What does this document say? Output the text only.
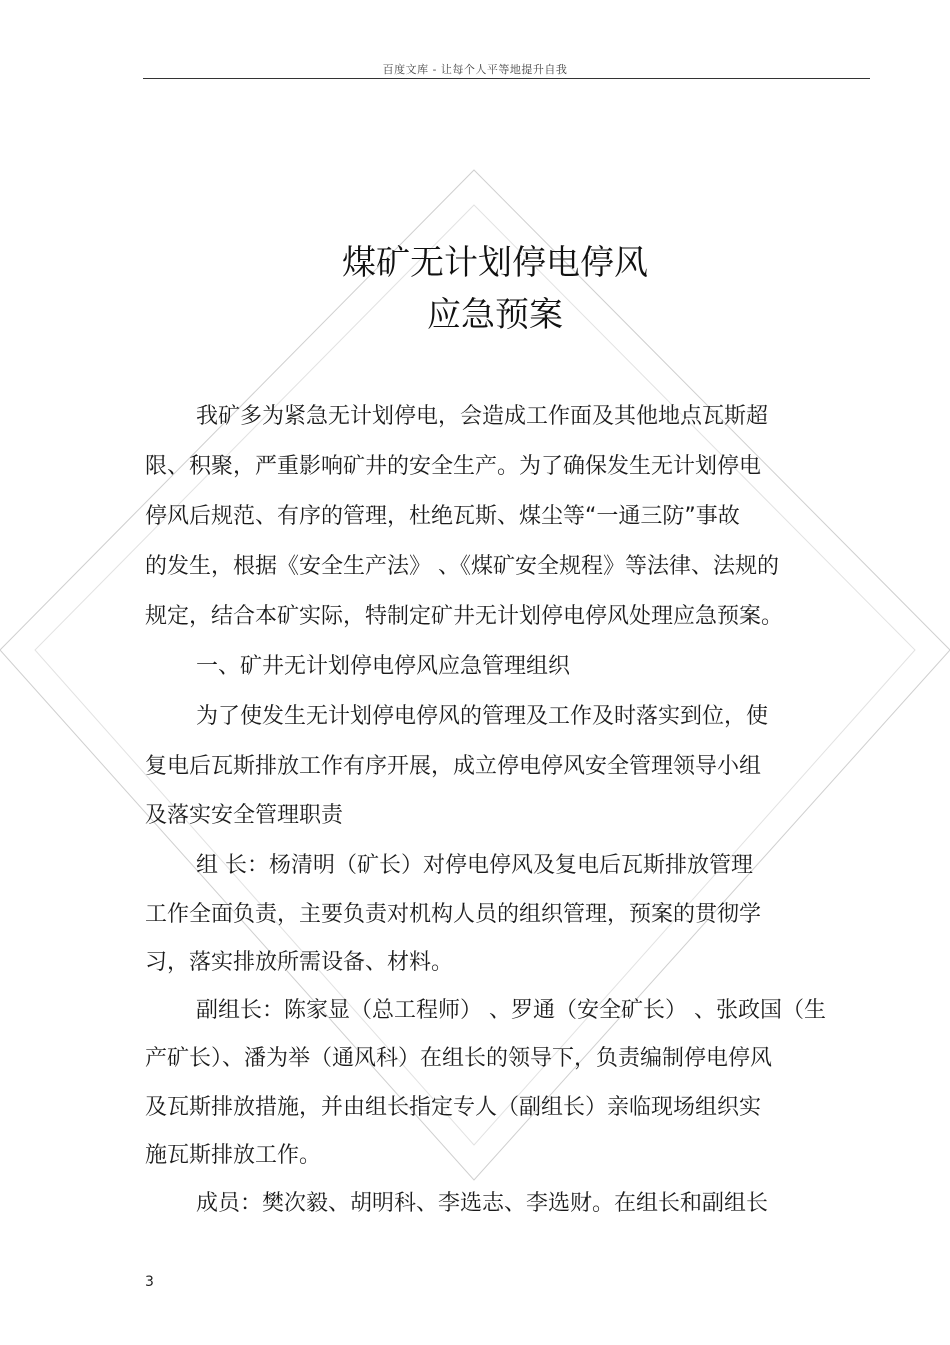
百度文库 - 让每个人平等地提升自我
煤矿无计划停电停风
应急预案
我矿多为紧急无计划停电，会造成工作面及其他地点瓦斯超
限、积聚，严重影响矿井的安全生产。为了确保发生无计划停电
停风后规范、有序的管理，杜绝瓦斯、煤尘等“一通三防”事故
的发生，根据《安全生产法》 、《煤矿安全规程》等法律、法规的
规定，结合本矿实际，特制定矿井无计划停电停风处理应急预案。
一、矿井无计划停电停风应急管理组织
为了使发生无计划停电停风的管理及工作及时落实到位，使
复电后瓦斯排放工作有序开展，成立停电停风安全管理领导小组
及落实安全管理职责
组 长：杨清明（矿长）对停电停风及复电后瓦斯排放管理
工作全面负责，主要负责对机构人员的组织管理，预案的贯彻学
习，落实排放所需设备、材料。
副组长：陈家显（总工程师） 、罗通（安全矿长） 、张政国（生
产矿长）、潘为举（通风科）在组长的领导下，负责编制停电停风
及瓦斯排放措施，并由组长指定专人（副组长）亲临现场组织实
施瓦斯排放工作。
成员：樊次毅、胡明科、李选志、李选财。在组长和副组长
3
